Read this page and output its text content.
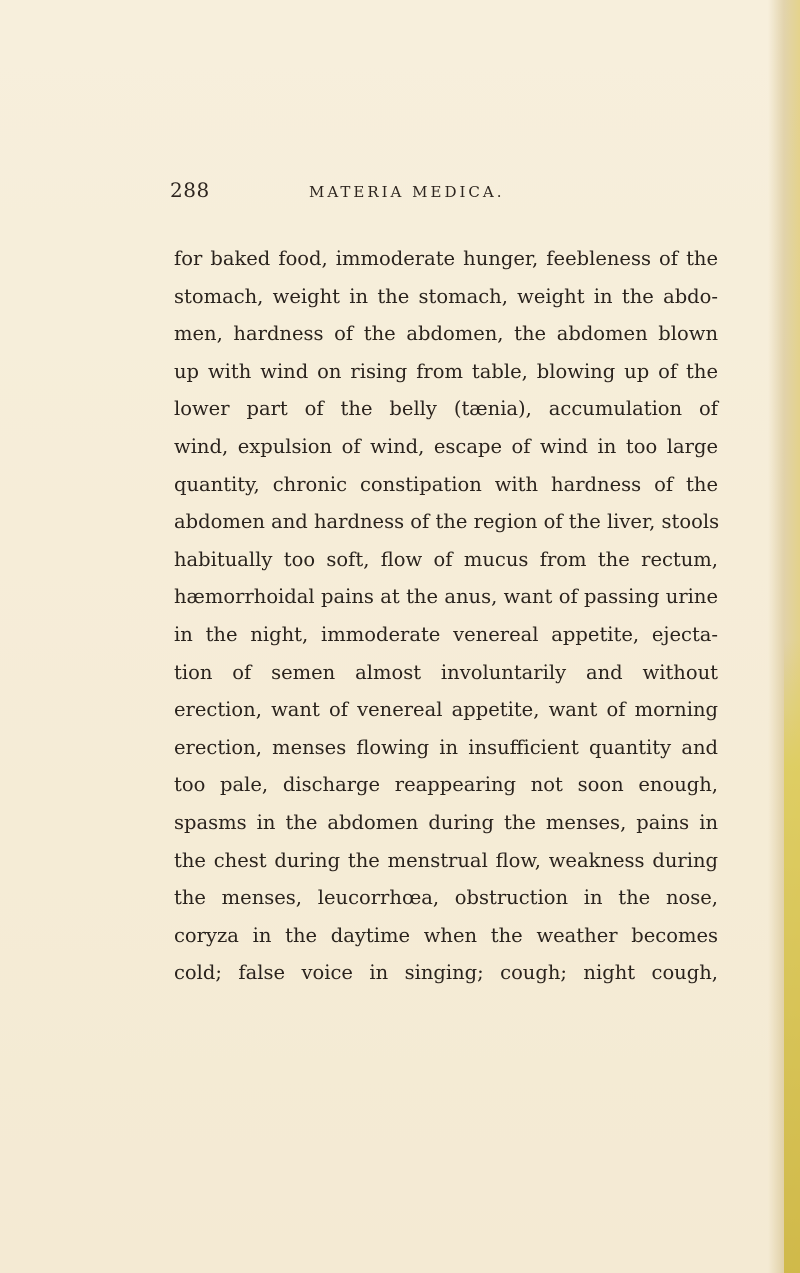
288	MATERIA MEDICA.
for baked food, immoderate hunger, feebleness of the
stomach, weight in the stomach, weight in the abdo-
men, hardness of the abdomen, the abdomen blown
up with wind on rising from table, blowing up of the
lower part of the belly (tænia), accumulation of
wind, expulsion of wind, escape of wind in too large
quantity, chronic constipation with hardness of the
abdomen and hardness of the region of the liver, stools
habitually too soft, flow of mucus from the rectum,
hæmorrhoidal pains at the anus, want of passing urine
in the night, immoderate venereal appetite, ejecta-
tion of semen almost involuntarily and without
erection, want of venereal appetite, want of morning
erection, menses flowing in insufficient quantity and
too pale, discharge reappearing not soon enough,
spasms in the abdomen during the menses, pains in
the chest during the menstrual flow, weakness during
the menses, leucorrhœa, obstruction in the nose,
coryza in the daytime when the weather becomes
cold; false voice in singing; cough; night cough,
